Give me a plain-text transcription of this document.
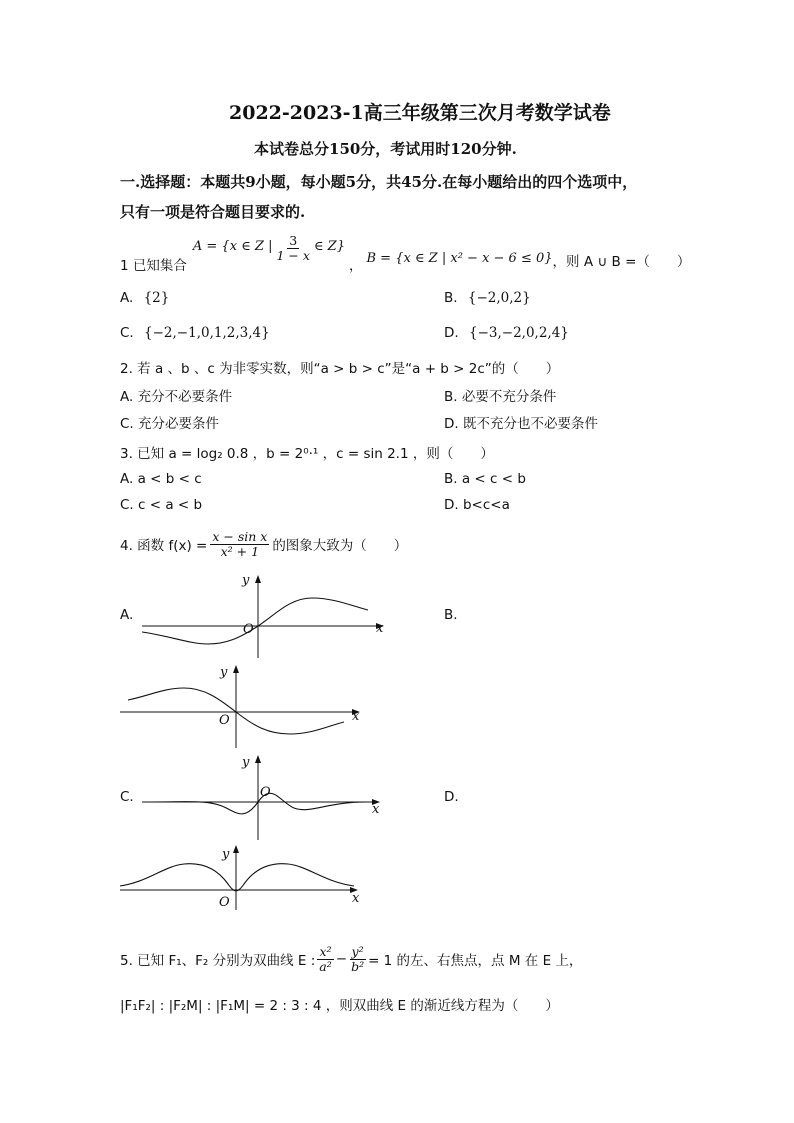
2022-2023-1高三年级第三次月考数学试卷
本试卷总分150分，考试用时120分钟.
一.选择题：本题共9小题，每小题5分，共45分.在每小题给出的四个选项中，
只有一项是符合题目要求的.
1 已知集合
A = {x ∈ Z | $\frac{3}{1 - x}$ ∈ Z}
， B = {x ∈ Z | x² − x − 6 ≤ 0} ，则 A ∪ B =（　　）
A. {2}	B. {−2,0,2}
C. {−2,−1,0,1,2,3,4}	D. {−3,−2,0,2,4}
2. 若 a 、b 、c 为非零实数，则“a > b > c”是“a + b > 2c”的（　　）
A. 充分不必要条件	B. 必要不充分条件
C. 充分必要条件	D. 既不充分也不必要条件
3. 已知 a = log₂ 0.8 ，b = 2⁰·¹ ，c = sin 2.1 ，则（　　）
A. a < b < c	B. a < c < b
C. c < a < b	D. b<c<a
4. 函数 $f(x) = \frac{\text{x − sin x}}{\text{x² + 1}}$ 的图象大致为（　　）
A.	B.
C.	D.
y
x
O
y
x
O
y
x
O
y
x
O
5. 已知 F₁、F₂ 分别为双曲线 E : $\frac{\text{x²}}{\text{a²}} - \frac{\text{y²}}{\text{b²}} = 1$ 的左、右焦点，点 M 在 E 上，
|F₁F₂| : |F₂M| : |F₁M| = 2 : 3 : 4 ，则双曲线 E 的渐近线方程为（　　）
